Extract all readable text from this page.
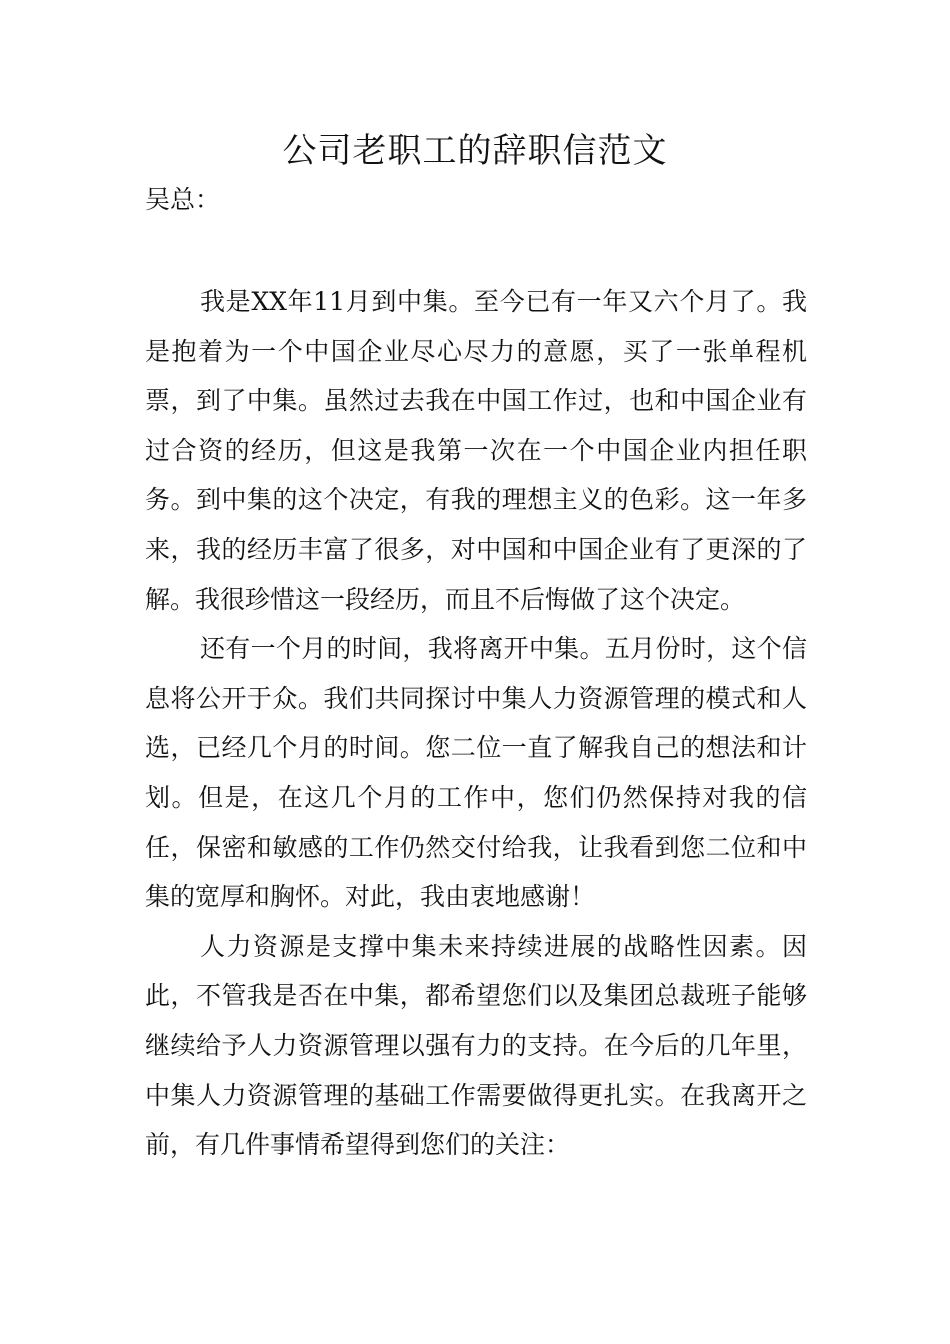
公司老职工的辞职信范文
吴总：

我是XX年11月到中集。至今已有一年又六个月了。我是抱着为一个中国企业尽心尽力的意愿，买了一张单程机票，到了中集。虽然过去我在中国工作过，也和中国企业有过合资的经历，但这是我第一次在一个中国企业内担任职务。到中集的这个决定，有我的理想主义的色彩。这一年多来，我的经历丰富了很多，对中国和中国企业有了更深的了解。我很珍惜这一段经历，而且不后悔做了这个决定。

还有一个月的时间，我将离开中集。五月份时，这个信息将公开于众。我们共同探讨中集人力资源管理的模式和人选，已经几个月的时间。您二位一直了解我自己的想法和计划。但是，在这几个月的工作中，您们仍然保持对我的信任，保密和敏感的工作仍然交付给我，让我看到您二位和中集的宽厚和胸怀。对此，我由衷地感谢！

人力资源是支撑中集未来持续进展的战略性因素。因此，不管我是否在中集，都希望您们以及集团总裁班子能够继续给予人力资源管理以强有力的支持。在今后的几年里，中集人力资源管理的基础工作需要做得更扎实。在我离开之前，有几件事情希望得到您们的关注：
